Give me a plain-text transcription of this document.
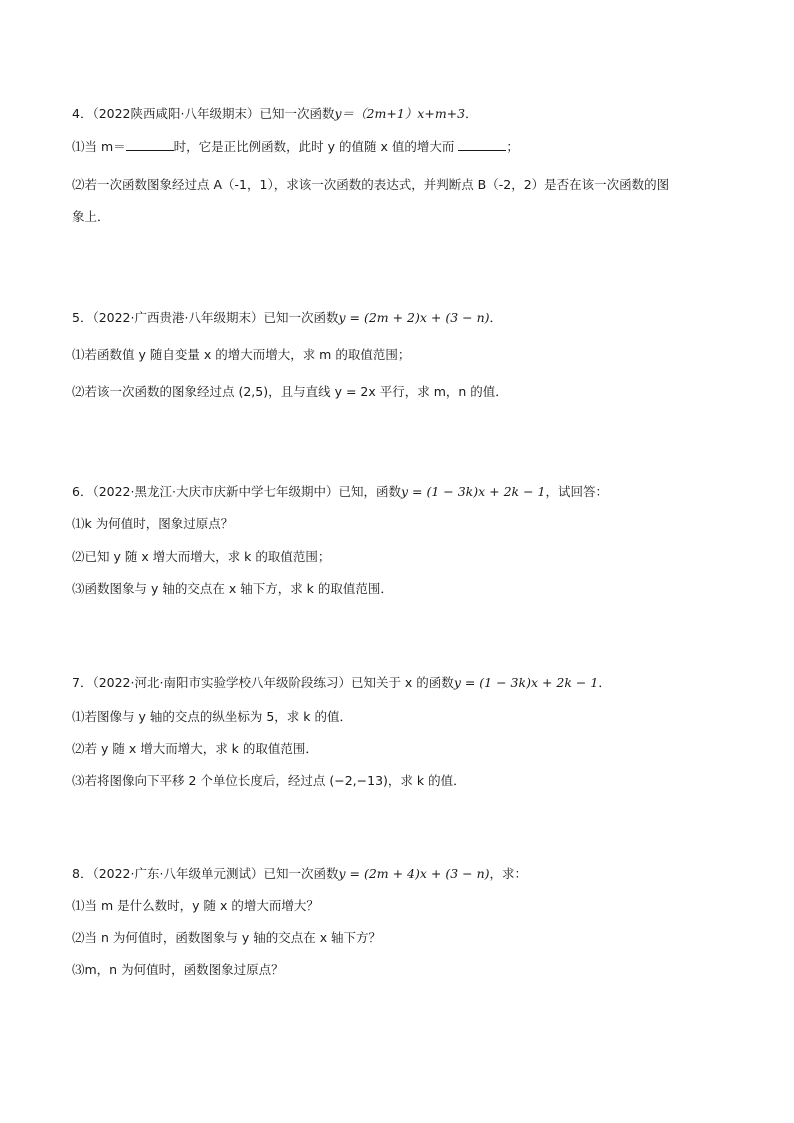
4．（2022陕西咸阳·八年级期末）已知一次函数y＝（2m+1）x+m+3．
⑴当 m＝	时，它是正比例函数，此时 y 的值随 x 值的增大而	；
⑵若一次函数图象经过点 A（-1，1），求该一次函数的表达式，并判断点 B（-2，2）是否在该一次函数的图
象上．
5．（2022·广西贵港·八年级期末）已知一次函数y = (2m + 2)x + (3 − n)．
⑴若函数值 y 随自变量 x 的增大而增大，求 m 的取值范围；
⑵若该一次函数的图象经过点 (2,5)，且与直线 y = 2x 平行，求 m，n 的值．
6．（2022·黑龙江·大庆市庆新中学七年级期中）已知，函数y = (1 − 3k)x + 2k − 1，试回答：
⑴k 为何值时，图象过原点？
⑵已知 y 随 x 增大而增大，求 k 的取值范围；
⑶函数图象与 y 轴的交点在 x 轴下方，求 k 的取值范围．
7．（2022·河北·南阳市实验学校八年级阶段练习）已知关于 x 的函数y = (1 − 3k)x + 2k − 1．
⑴若图像与 y 轴的交点的纵坐标为 5，求 k 的值．
⑵若 y 随 x 增大而增大，求 k 的取值范围．
⑶若将图像向下平移 2 个单位长度后，经过点 (−2,−13)，求 k 的值．
8．（2022·广东·八年级单元测试）已知一次函数y = (2m + 4)x + (3 − n)，求：
⑴当 m 是什么数时，y 随 x 的增大而增大？
⑵当 n 为何值时，函数图象与 y 轴的交点在 x 轴下方？
⑶m，n 为何值时，函数图象过原点？
